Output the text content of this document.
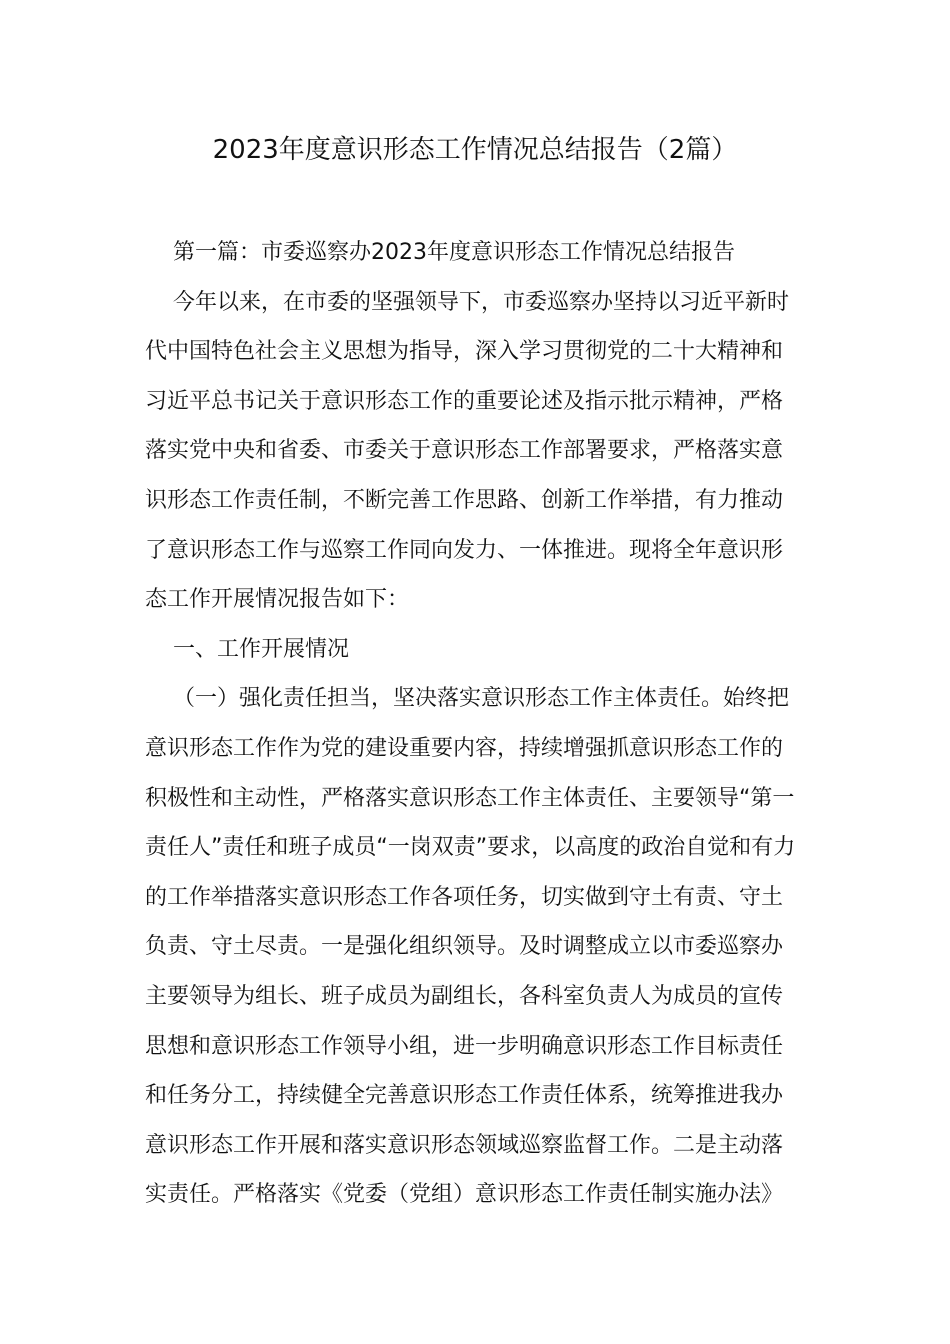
2023年度意识形态工作情况总结报告（2篇）
第一篇：市委巡察办2023年度意识形态工作情况总结报告
今年以来，在市委的坚强领导下，市委巡察办坚持以习近平新时
代中国特色社会主义思想为指导，深入学习贯彻党的二十大精神和
习近平总书记关于意识形态工作的重要论述及指示批示精神，严格
落实党中央和省委、市委关于意识形态工作部署要求，严格落实意
识形态工作责任制，不断完善工作思路、创新工作举措，有力推动
了意识形态工作与巡察工作同向发力、一体推进。现将全年意识形
态工作开展情况报告如下：
一、工作开展情况
（一）强化责任担当，坚决落实意识形态工作主体责任。始终把
意识形态工作作为党的建设重要内容，持续增强抓意识形态工作的
积极性和主动性，严格落实意识形态工作主体责任、主要领导“第一
责任人”责任和班子成员“一岗双责”要求，以高度的政治自觉和有力
的工作举措落实意识形态工作各项任务，切实做到守土有责、守土
负责、守土尽责。一是强化组织领导。及时调整成立以市委巡察办
主要领导为组长、班子成员为副组长，各科室负责人为成员的宣传
思想和意识形态工作领导小组，进一步明确意识形态工作目标责任
和任务分工，持续健全完善意识形态工作责任体系，统筹推进我办
意识形态工作开展和落实意识形态领域巡察监督工作。二是主动落
实责任。严格落实《党委（党组）意识形态工作责任制实施办法》
